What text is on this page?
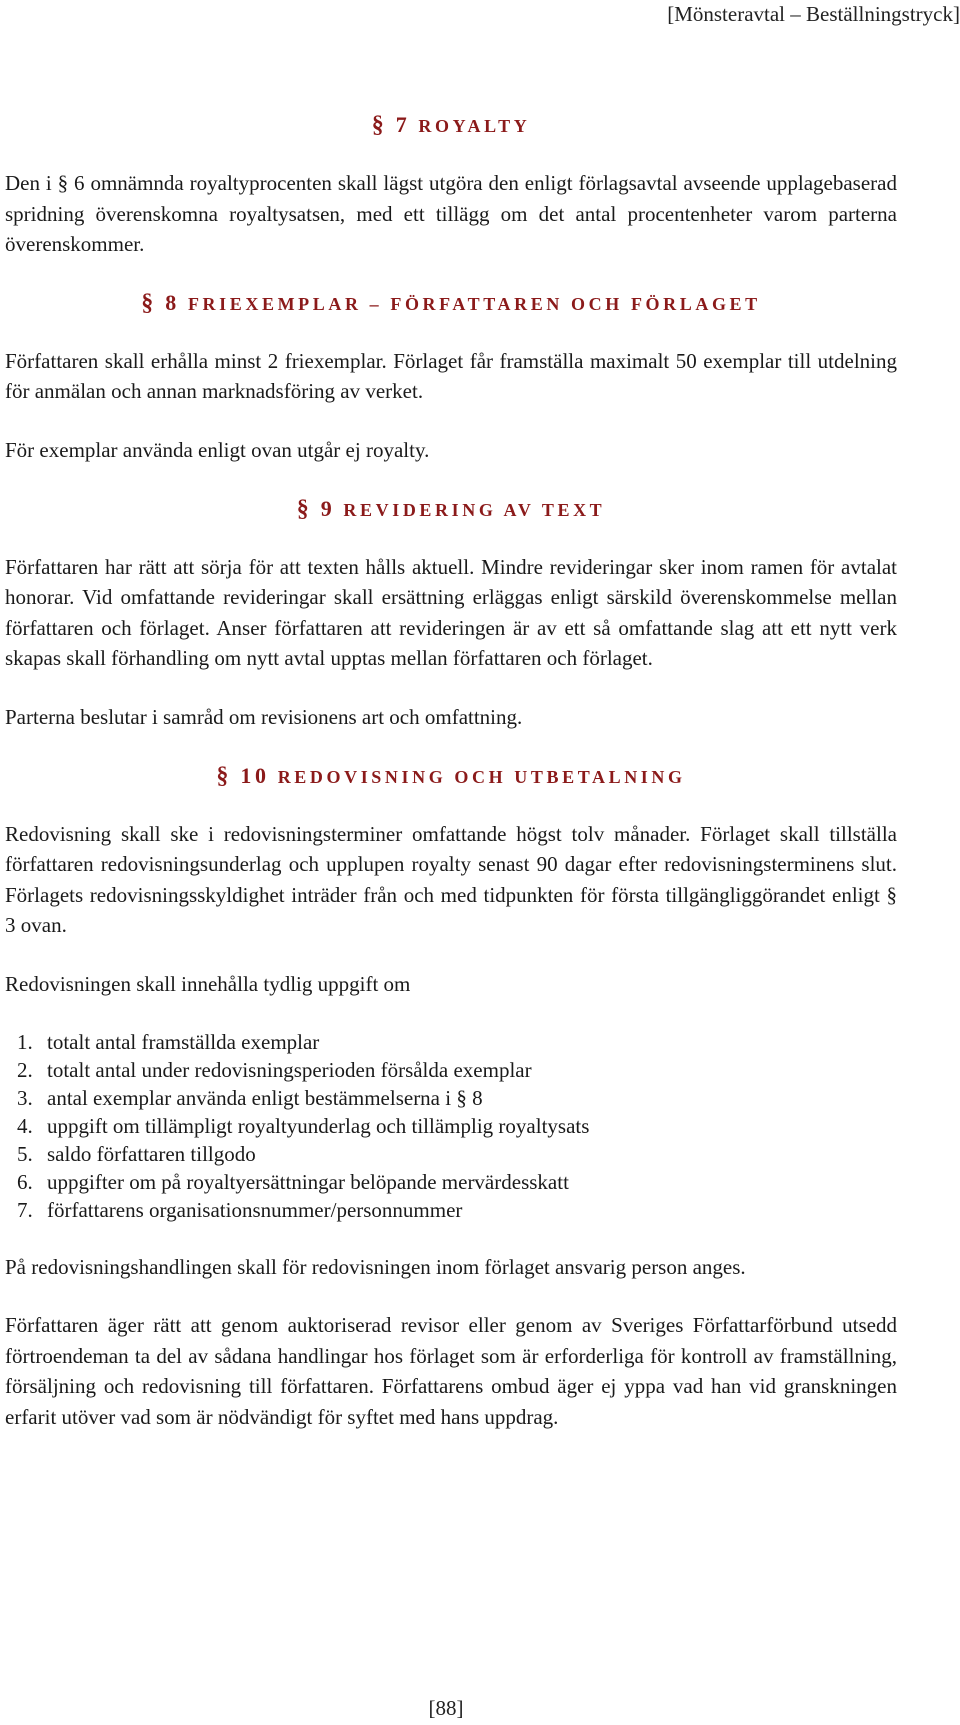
[Mönsteravtal – Beställningstryck]
§ 7 ROYALTY

Den i § 6 omnämnda royaltyprocenten skall lägst utgöra den enligt förlagsavtal avseende upplagebaserad spridning överenskomna royaltysatsen, med ett tillägg om det antal procentenheter varom parterna överenskommer.

§ 8 FRIEXEMPLAR – FÖRFATTAREN OCH FÖRLAGET

Författaren skall erhålla minst 2 friexemplar. Förlaget får framställa maximalt 50 exemplar till utdelning för anmälan och annan marknadsföring av verket.

För exemplar använda enligt ovan utgår ej royalty.

§ 9 REVIDERING AV TEXT

Författaren har rätt att sörja för att texten hålls aktuell. Mindre revideringar sker inom ramen för avtalat honorar. Vid omfattande revideringar skall ersättning erläggas enligt särskild överenskommelse mellan författaren och förlaget. Anser författaren att revideringen är av ett så omfattande slag att ett nytt verk skapas skall förhandling om nytt avtal upptas mellan författaren och förlaget.

Parterna beslutar i samråd om revisionens art och omfattning.

§ 10 REDOVISNING OCH UTBETALNING

Redovisning skall ske i redovisningsterminer omfattande högst tolv månader. Förlaget skall tillställa författaren redovisningsunderlag och upplupen royalty senast 90 dagar efter redovisningsterminens slut. Förlagets redovisningsskyldighet inträder från och med tidpunkten för första tillgängliggörandet enligt § 3 ovan.

Redovisningen skall innehålla tydlig uppgift om

1. totalt antal framställda exemplar
2. totalt antal under redovisningsperioden försålda exemplar
3. antal exemplar använda enligt bestämmelserna i § 8
4. uppgift om tillämpligt royaltyunderlag och tillämplig royaltysats
5. saldo författaren tillgodo
6. uppgifter om på royaltyersättningar belöpande mervärdesskatt
7. författarens organisationsnummer/personnummer

På redovisningshandlingen skall för redovisningen inom förlaget ansvarig person anges.

Författaren äger rätt att genom auktoriserad revisor eller genom av Sveriges Författarförbund utsedd förtroendeman ta del av sådana handlingar hos förlaget som är erforderliga för kontroll av framställning, försäljning och redovisning till författaren. Författarens ombud äger ej yppa vad han vid granskningen erfarit utöver vad som är nödvändigt för syftet med hans uppdrag.

[88]
